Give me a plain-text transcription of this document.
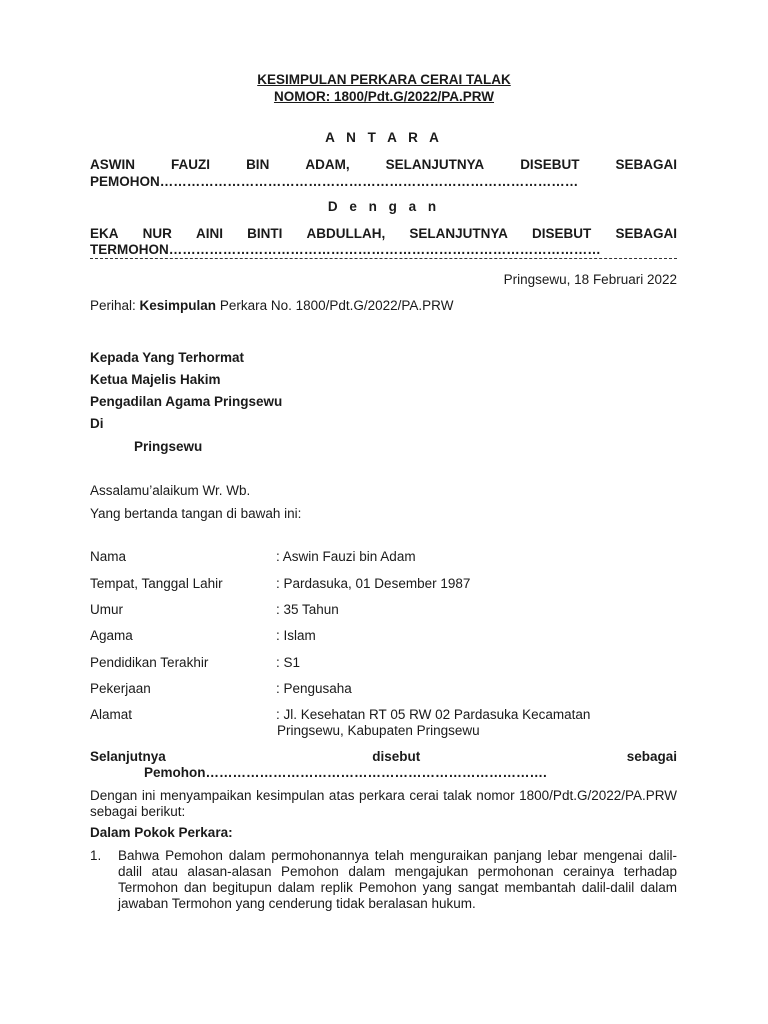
KESIMPULAN PERKARA CERAI TALAK
NOMOR: 1800/Pdt.G/2022/PA.PRW
A N T A R A
ASWIN	FAUZI	BIN	ADAM,	SELANJUTNYA	DISEBUT	SEBAGAI
PEMOHON…………………………………………………………………………………
D e n g a n
EKA NUR AINI BINTI ABDULLAH, SELANJUTNYA DISEBUT SEBAGAI
TERMOHON……………………………………………………………………………………
Pringsewu, 18 Februari 2022
Perihal: Kesimpulan Perkara No. 1800/Pdt.G/2022/PA.PRW
Kepada Yang Terhormat
Ketua Majelis Hakim
Pengadilan Agama Pringsewu
Di
Pringsewu
Assalamu’alaikum Wr. Wb.
Yang bertanda tangan di bawah ini:
Nama	: Aswin Fauzi bin Adam
Tempat, Tanggal Lahir	: Pardasuka, 01 Desember 1987
Umur	: 35 Tahun
Agama	: Islam
Pendidikan Terakhir	: S1
Pekerjaan	: Pengusaha
Alamat	: Jl. Kesehatan RT 05 RW 02 Pardasuka Kecamatan
Pringsewu, Kabupaten Pringsewu
Selanjutnya	disebut	sebagai
Pemohon………………………………………………………………….
Dengan ini menyampaikan kesimpulan atas perkara cerai talak nomor 1800/Pdt.G/2022/PA.PRW sebagai berikut:
Dalam Pokok Perkara:
1. Bahwa Pemohon dalam permohonannya telah menguraikan panjang lebar mengenai dalil-dalil atau alasan-alasan Pemohon dalam mengajukan permohonan cerainya terhadap Termohon dan begitupun dalam replik Pemohon yang sangat membantah dalil-dalil dalam jawaban Termohon yang cenderung tidak beralasan hukum.
